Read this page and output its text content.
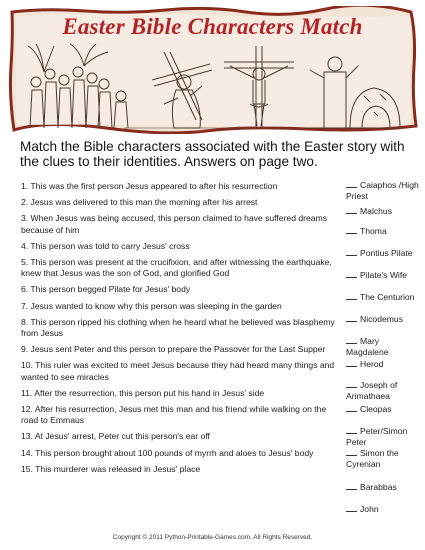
Easter Bible Characters Match
Match the Bible characters associated with the Easter story with the clues to their identities. Answers on page two.
1. This was the first person Jesus appeared to after his resurrection
2. Jesus was delivered to this man the morning after his arrest
3. When Jesus was being accused, this person claimed to have suffered dreams because of him
4. This person was told to carry Jesus' cross
5. This person was present at the crucifixion, and after witnessing the earthquake, knew that Jesus was the son of God, and glorified God
6. This person begged Pilate for Jesus' body
7. Jesus wanted to know why this person was sleeping in the garden
8. This person ripped his clothing when he heard what he believed was blasphemy from Jesus
9. Jesus sent Peter and this person to prepare the Passover for the Last Supper
10. This ruler was excited to meet Jesus because they had heard many things and wanted to see miracles
11. After the resurrection, this person put his hand in Jesus' side
12. After his resurrection, Jesus met this man and his friend while walking on the road to Emmaus
13. At Jesus' arrest, Peter cut this person's ear off
14. This person brought about 100 pounds of myrrh and aloes to Jesus' body
15. This murderer was released in Jesus' place
Caiaphos /High Priest
Malchus
Thoma
Pontius Pilate
Pilate's Wife
The Centurion
Nicodemus
Mary Magdalene
Herod
Joseph of Arimathaea
Cleopas
Peter/Simon Peter
Simon the Cyrenian
Barabbas
John
Copyright © 2011 Python-Printable-Games.com. All Rights Reserved.
